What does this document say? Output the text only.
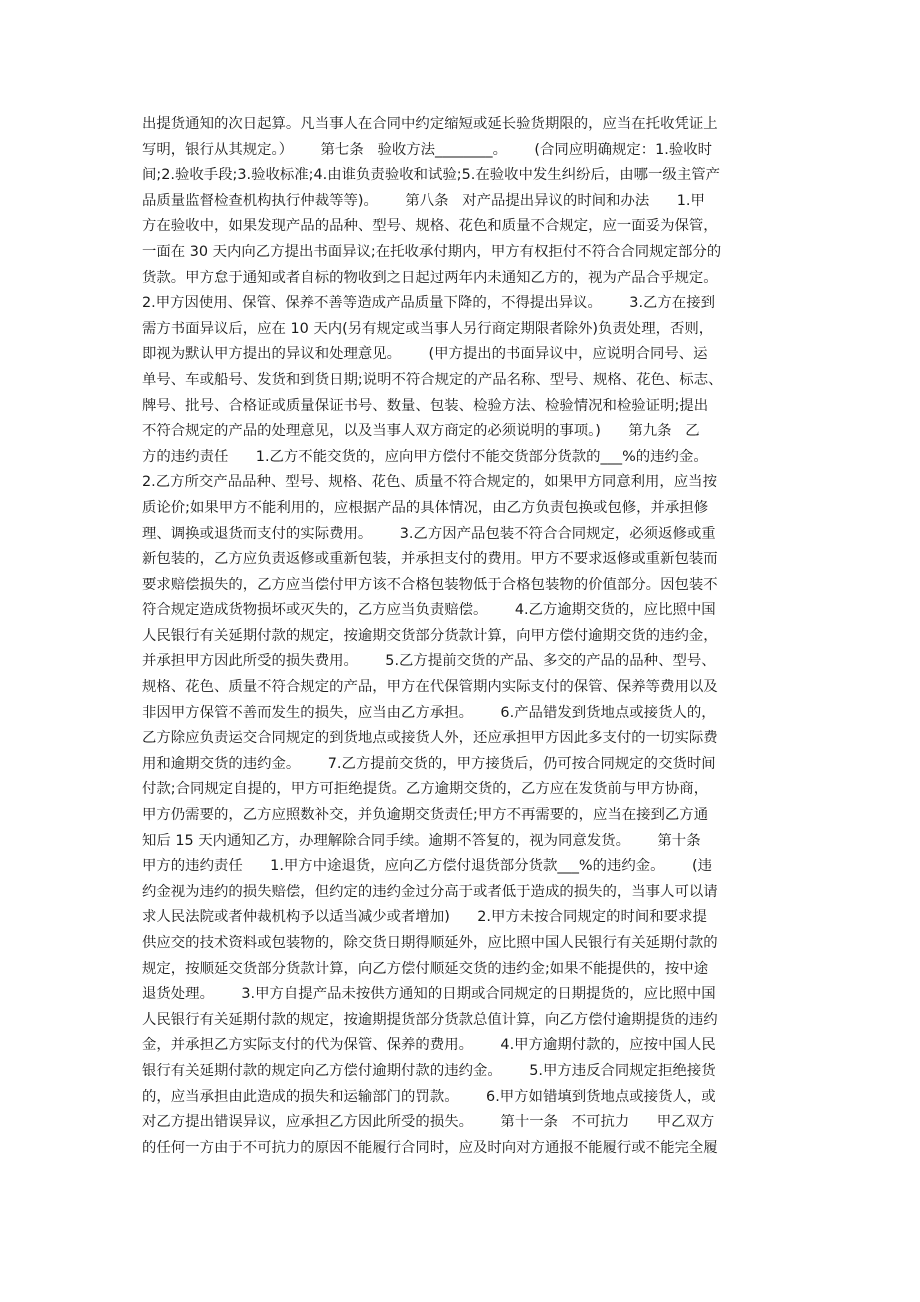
出提货通知的次日起算。凡当事人在合同中约定缩短或延长验货期限的，应当在托收凭证上
写明，银行从其规定。）      第七条   验收方法________。      (合同应明确规定：1.验收时
间;2.验收手段;3.验收标准;4.由谁负责验收和试验;5.在验收中发生纠纷后，由哪一级主管产
品质量监督检查机构执行仲裁等等)。      第八条   对产品提出异议的时间和办法      1.甲
方在验收中，如果发现产品的品种、型号、规格、花色和质量不合规定，应一面妥为保管，
一面在 30 天内向乙方提出书面异议;在托收承付期内，甲方有权拒付不符合合同规定部分的
货款。甲方怠于通知或者自标的物收到之日起过两年内未通知乙方的，视为产品合乎规定。
2.甲方因使用、保管、保养不善等造成产品质量下降的，不得提出异议。      3.乙方在接到
需方书面异议后，应在 10 天内(另有规定或当事人另行商定期限者除外)负责处理，否则，
即视为默认甲方提出的异议和处理意见。      (甲方提出的书面异议中，应说明合同号、运
单号、车或船号、发货和到货日期;说明不符合规定的产品名称、型号、规格、花色、标志、
牌号、批号、合格证或质量保证书号、数量、包装、检验方法、检验情况和检验证明;提出
不符合规定的产品的处理意见，以及当事人双方商定的必须说明的事项。)      第九条   乙
方的违约责任      1.乙方不能交货的，应向甲方偿付不能交货部分货款的___%的违约金。
2.乙方所交产品品种、型号、规格、花色、质量不符合规定的，如果甲方同意利用，应当按
质论价;如果甲方不能利用的，应根据产品的具体情况，由乙方负责包换或包修，并承担修
理、调换或退货而支付的实际费用。      3.乙方因产品包装不符合合同规定，必须返修或重
新包装的，乙方应负责返修或重新包装，并承担支付的费用。甲方不要求返修或重新包装而
要求赔偿损失的，乙方应当偿付甲方该不合格包装物低于合格包装物的价值部分。因包装不
符合规定造成货物损坏或灭失的，乙方应当负责赔偿。      4.乙方逾期交货的，应比照中国
人民银行有关延期付款的规定，按逾期交货部分货款计算，向甲方偿付逾期交货的违约金，
并承担甲方因此所受的损失费用。      5.乙方提前交货的产品、多交的产品的品种、型号、
规格、花色、质量不符合规定的产品，甲方在代保管期内实际支付的保管、保养等费用以及
非因甲方保管不善而发生的损失，应当由乙方承担。      6.产品错发到货地点或接货人的，
乙方除应负责运交合同规定的到货地点或接货人外，还应承担甲方因此多支付的一切实际费
用和逾期交货的违约金。      7.乙方提前交货的，甲方接货后，仍可按合同规定的交货时间
付款;合同规定自提的，甲方可拒绝提货。乙方逾期交货的，乙方应在发货前与甲方协商，
甲方仍需要的，乙方应照数补交，并负逾期交货责任;甲方不再需要的，应当在接到乙方通
知后 15 天内通知乙方，办理解除合同手续。逾期不答复的，视为同意发货。      第十条
甲方的违约责任      1.甲方中途退货，应向乙方偿付退货部分货款___%的违约金。      (违
约金视为违约的损失赔偿，但约定的违约金过分高于或者低于造成的损失的，当事人可以请
求人民法院或者仲裁机构予以适当减少或者增加)      2.甲方未按合同规定的时间和要求提
供应交的技术资料或包装物的，除交货日期得顺延外，应比照中国人民银行有关延期付款的
规定，按顺延交货部分货款计算，向乙方偿付顺延交货的违约金;如果不能提供的，按中途
退货处理。      3.甲方自提产品未按供方通知的日期或合同规定的日期提货的，应比照中国
人民银行有关延期付款的规定，按逾期提货部分货款总值计算，向乙方偿付逾期提货的违约
金，并承担乙方实际支付的代为保管、保养的费用。      4.甲方逾期付款的，应按中国人民
银行有关延期付款的规定向乙方偿付逾期付款的违约金。      5.甲方违反合同规定拒绝接货
的，应当承担由此造成的损失和运输部门的罚款。      6.甲方如错填到货地点或接货人，或
对乙方提出错误异议，应承担乙方因此所受的损失。      第十一条   不可抗力      甲乙双方
的任何一方由于不可抗力的原因不能履行合同时，应及时向对方通报不能履行或不能完全履
